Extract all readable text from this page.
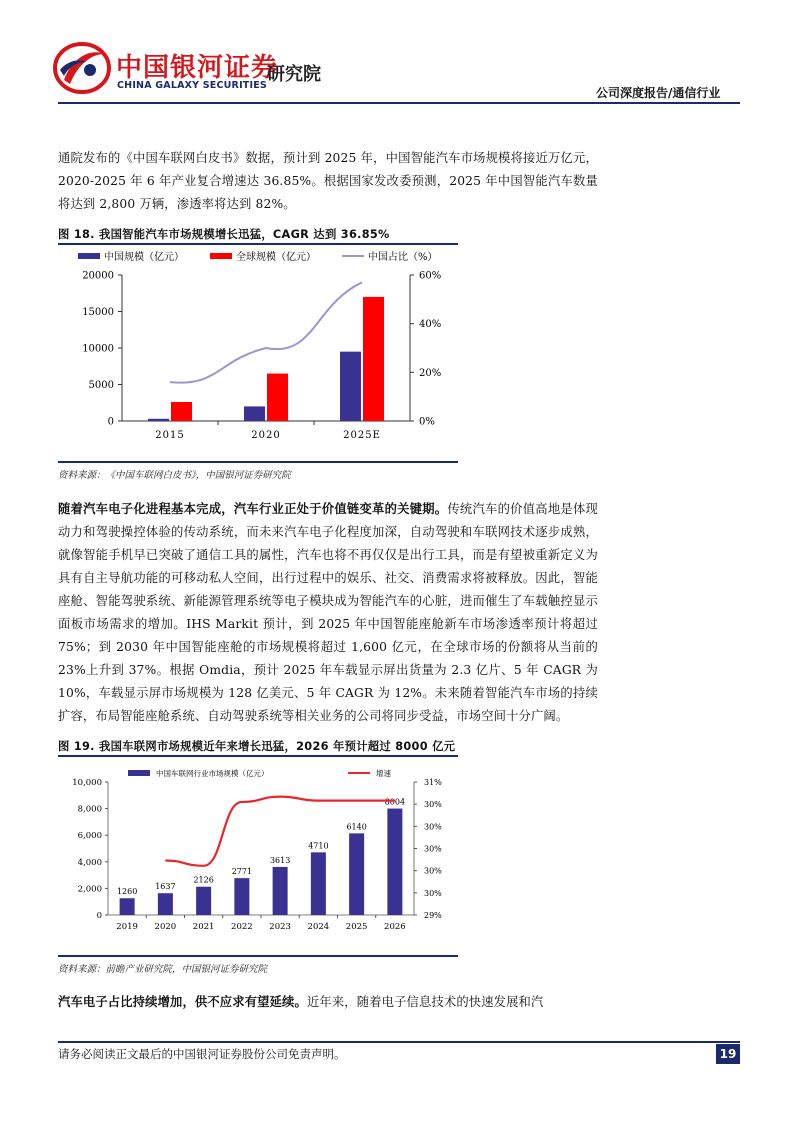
中国银河证券
CHINA GALAXY SECURITIES
研究院
公司深度报告/通信行业
通院发布的《中国车联网白皮书》数据，预计到 2025 年，中国智能汽车市场规模将接近万亿元，2020-2025 年 6 年产业复合增速达 36.85%。根据国家发改委预测，2025 年中国智能汽车数量将达到 2,800 万辆，渗透率将达到 82%。
图 18. 我国智能汽车市场规模增长迅猛，CAGR 达到 36.85%
中国规模（亿元）	全球规模（亿元）	中国占比（%）
0
5000
10000
15000
20000
0%
20%
40%
60%
2015	2020	2025E
资料来源：《中国车联网白皮书》，中国银河证券研究院
随着汽车电子化进程基本完成，汽车行业正处于价值链变革的关键期。传统汽车的价值高地是体现动力和驾驶操控体验的传动系统，而未来汽车电子化程度加深，自动驾驶和车联网技术逐步成熟，就像智能手机早已突破了通信工具的属性，汽车也将不再仅仅是出行工具，而是有望被重新定义为具有自主导航功能的可移动私人空间，出行过程中的娱乐、社交、消费需求将被释放。因此，智能座舱、智能驾驶系统、新能源管理系统等电子模块成为智能汽车的心脏，进而催生了车载触控显示面板市场需求的增加。IHS Markit 预计，到 2025 年中国智能座舱新车市场渗透率预计将超过 75%；到 2030 年中国智能座舱的市场规模将超过 1,600 亿元，在全球市场的份额将从当前的 23%上升到 37%。根据 Omdia，预计 2025 年车载显示屏出货量为 2.3 亿片、5 年 CAGR 为 10%，车载显示屏市场规模为 128 亿美元、5 年 CAGR 为 12%。未来随着智能汽车市场的持续扩容，布局智能座舱系统、自动驾驶系统等相关业务的公司将同步受益，市场空间十分广阔。
图 19. 我国车联网市场规模近年来增长迅猛，2026 年预计超过 8000 亿元
中国车联网行业市场规模（亿元）	增速
1260
1637
2126
2771
3613
4710
6140
8004
0
2,000
4,000
6,000
8,000
10,000
29%
30%
30%
30%
30%
30%
31%
2019 2020 2021 2022 2023 2024 2025 2026
资料来源：前瞻产业研究院，中国银河证券研究院
汽车电子占比持续增加，供不应求有望延续。近年来，随着电子信息技术的快速发展和汽
请务必阅读正文最后的中国银河证券股份公司免责声明。	19
